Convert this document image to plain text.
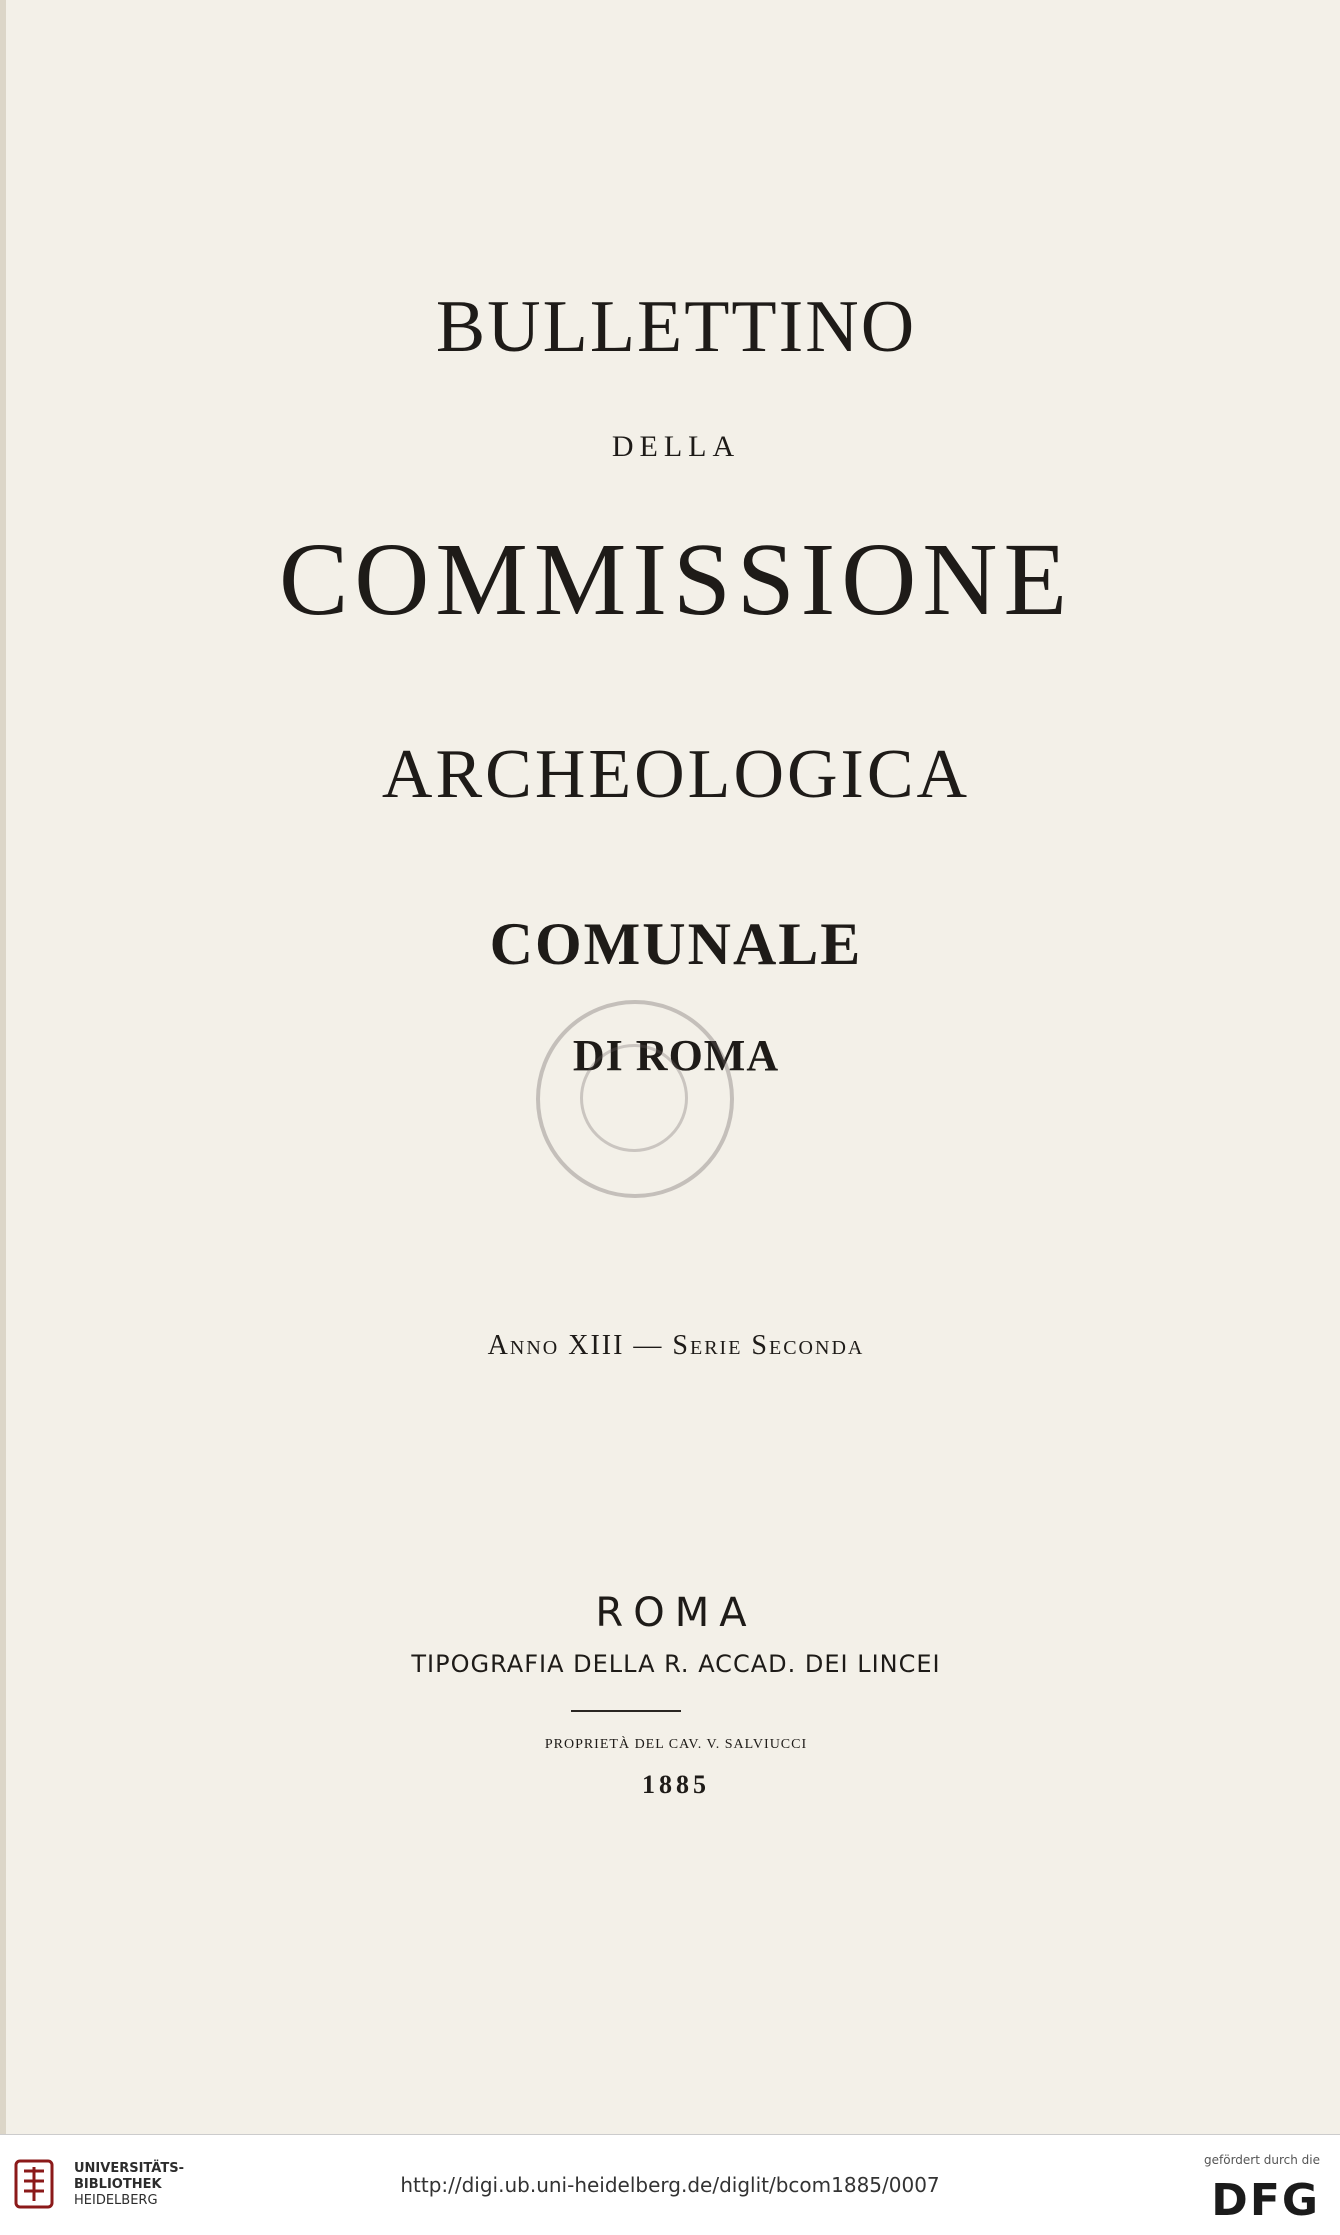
BULLETTINO
DELLA
COMMISSIONE
ARCHEOLOGICA
COMUNALE
DI ROMA
Anno XIII — Serie Seconda
ROMA
TIPOGRAFIA DELLA R. ACCAD. DEI LINCEI
PROPRIETÀ DEL CAV. V. SALVIUCCI
1885
UNIVERSITÄTS-
BIBLIOTHEK
HEIDELBERG
http://digi.ub.uni-heidelberg.de/diglit/bcom1885/0007
gefördert durch die
DFG
